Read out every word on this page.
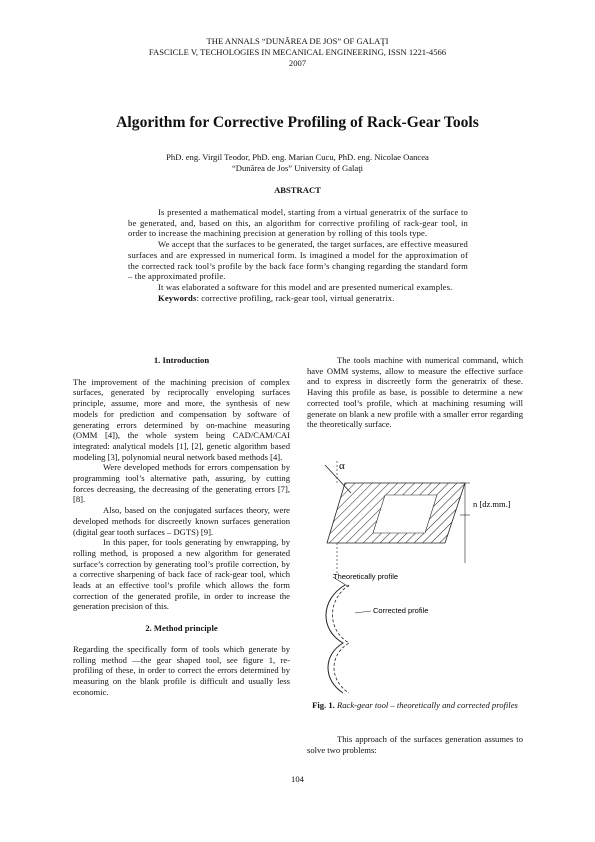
THE ANNALS “DUNĂREA DE JOS” OF GALAŢI
FASCICLE V, TECHOLOGIES IN MECANICAL ENGINEERING, ISSN 1221-4566
2007
Algorithm for Corrective Profiling of Rack-Gear Tools
PhD. eng. Virgil Teodor, PhD. eng. Marian Cucu, PhD. eng. Nicolae Oancea
“Dunărea de Jos” University of Galaţi
ABSTRACT

Is presented a mathematical model, starting from a virtual generatrix of the surface to be generated, and, based on this, an algorithm for corrective profiling of rack-gear tool, in order to increase the machining precision at generation by rolling of this tools type.

We accept that the surfaces to be generated, the target surfaces, are effective measured surfaces and are expressed in numerical form. Is imagined a model for the approximation of the corrected rack tool’s profile by the back face form’s changing regarding the standard form – the approximated profile.

It was elaborated a software for this model and are presented numerical examples.

Keywords: corrective profiling, rack-gear tool, virtual generatrix.

1. Introduction

The improvement of the machining precision of complex surfaces, generated by reciprocally enveloping surfaces principle, assume, more and more, the synthesis of new models for prediction and compensation by software of generating errors determined by on-machine measuring (OMM [4]), the whole system being CAD/CAM/CAI integrated: analytical models [1], [2], genetic algorithm based modeling [3], polynomial neural network based methods [4].

Were developed methods for errors compensation by programming tool’s alternative path, assuring, by cutting forces decreasing, the decreasing of the generating errors [7], [8].

Also, based on the conjugated surfaces theory, were developed methods for discreetly known surfaces generation (digital gear tooth surfaces – DGTS) [9].

In this paper, for tools generating by enwrapping, by rolling method, is proposed a new algorithm for generated surface’s correction by generating tool’s profile correction, by a corrective sharpening of back face of rack-gear tool, which leads at an effective tool’s profile which allows the form correction of the generated profile, in order to increase the generation precision of this.

2. Method principle

Regarding the specifically form of tools which generate by rolling method —the gear shaped tool, see figure 1, re-profiling of these, in order to correct the errors determined by measuring on the blank profile is difficult and usually less economic.

The tools machine with numerical command, which have OMM systems, allow to measure the effective surface and to express in discreetly form the generatrix of these. Having this profile as base, is possible to determine a new corrected tool’s profile, which at machining resuming will generate on blank a new profile with a smaller error regarding the theoretically surface.

α
n [dz.mm.]
Theoretically profile
Corrected profile
Fig. 1. Rack-gear tool – theoretically and corrected profiles

This approach of the surfaces generation assumes to solve two problems:

104
